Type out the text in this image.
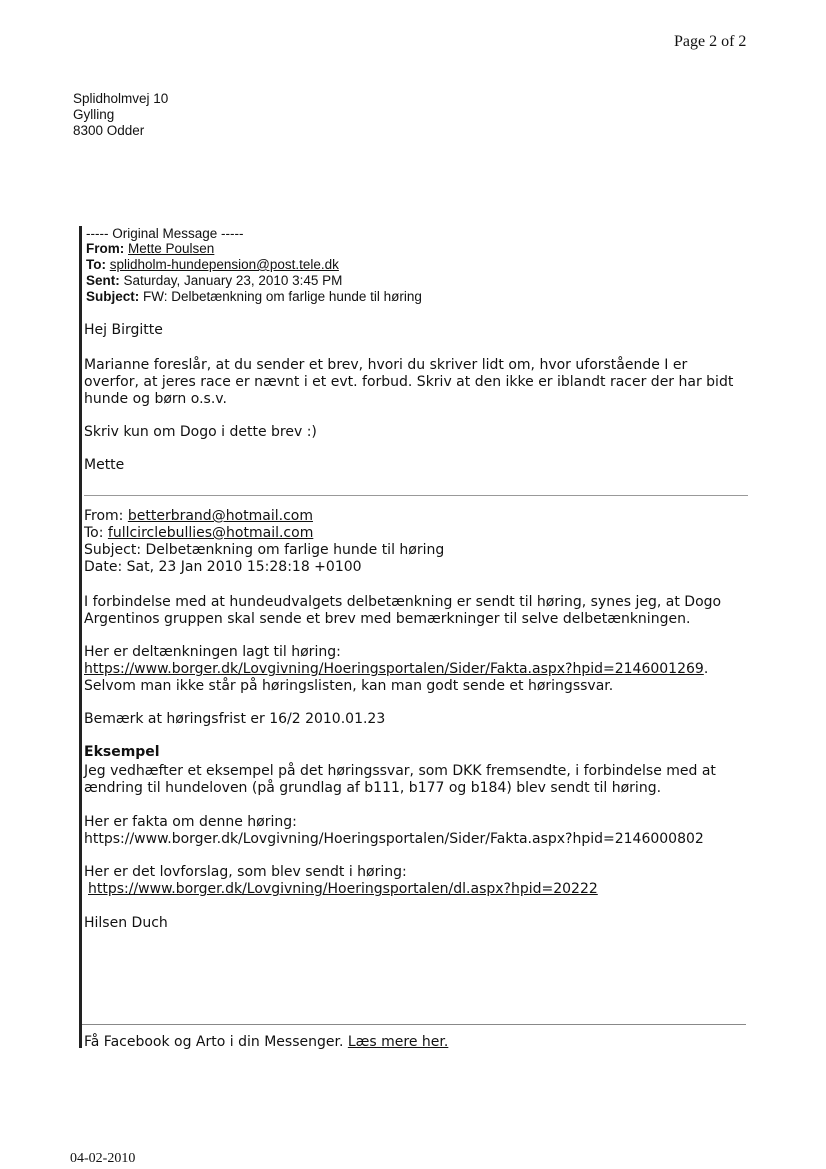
Page 2 of 2
Splidholmvej 10
Gylling
8300 Odder
----- Original Message -----
From: Mette Poulsen
To: splidholm-hundepension@post.tele.dk
Sent: Saturday, January 23, 2010 3:45 PM
Subject: FW: Delbetænkning om farlige hunde til høring
Hej Birgitte
Marianne foreslår, at du sender et brev, hvori du skriver lidt om, hvor uforstående I er
overfor, at jeres race er nævnt i et evt. forbud. Skriv at den ikke er iblandt racer der har bidt
hunde og børn o.s.v.
Skriv kun om Dogo i dette brev :)
Mette
From: betterbrand@hotmail.com
To: fullcirclebullies@hotmail.com
Subject: Delbetænkning om farlige hunde til høring
Date: Sat, 23 Jan 2010 15:28:18 +0100
I forbindelse med at hundeudvalgets delbetænkning er sendt til høring, synes jeg, at Dogo
Argentinos gruppen skal sende et brev med bemærkninger til selve delbetænkningen.
Her er deltænkningen lagt til høring:
https://www.borger.dk/Lovgivning/Hoeringsportalen/Sider/Fakta.aspx?hpid=2146001269.
Selvom man ikke står på høringslisten, kan man godt sende et høringssvar.
Bemærk at høringsfrist er 16/2 2010.01.23
Eksempel
Jeg vedhæfter et eksempel på det høringssvar, som DKK fremsendte, i forbindelse med at
ændring til hundeloven (på grundlag af b111, b177 og b184) blev sendt til høring.
Her er fakta om denne høring:
https://www.borger.dk/Lovgivning/Hoeringsportalen/Sider/Fakta.aspx?hpid=2146000802
Her er det lovforslag, som blev sendt i høring:
https://www.borger.dk/Lovgivning/Hoeringsportalen/dl.aspx?hpid=20222
Hilsen Duch
Få Facebook og Arto i din Messenger. Læs mere her.
04-02-2010
